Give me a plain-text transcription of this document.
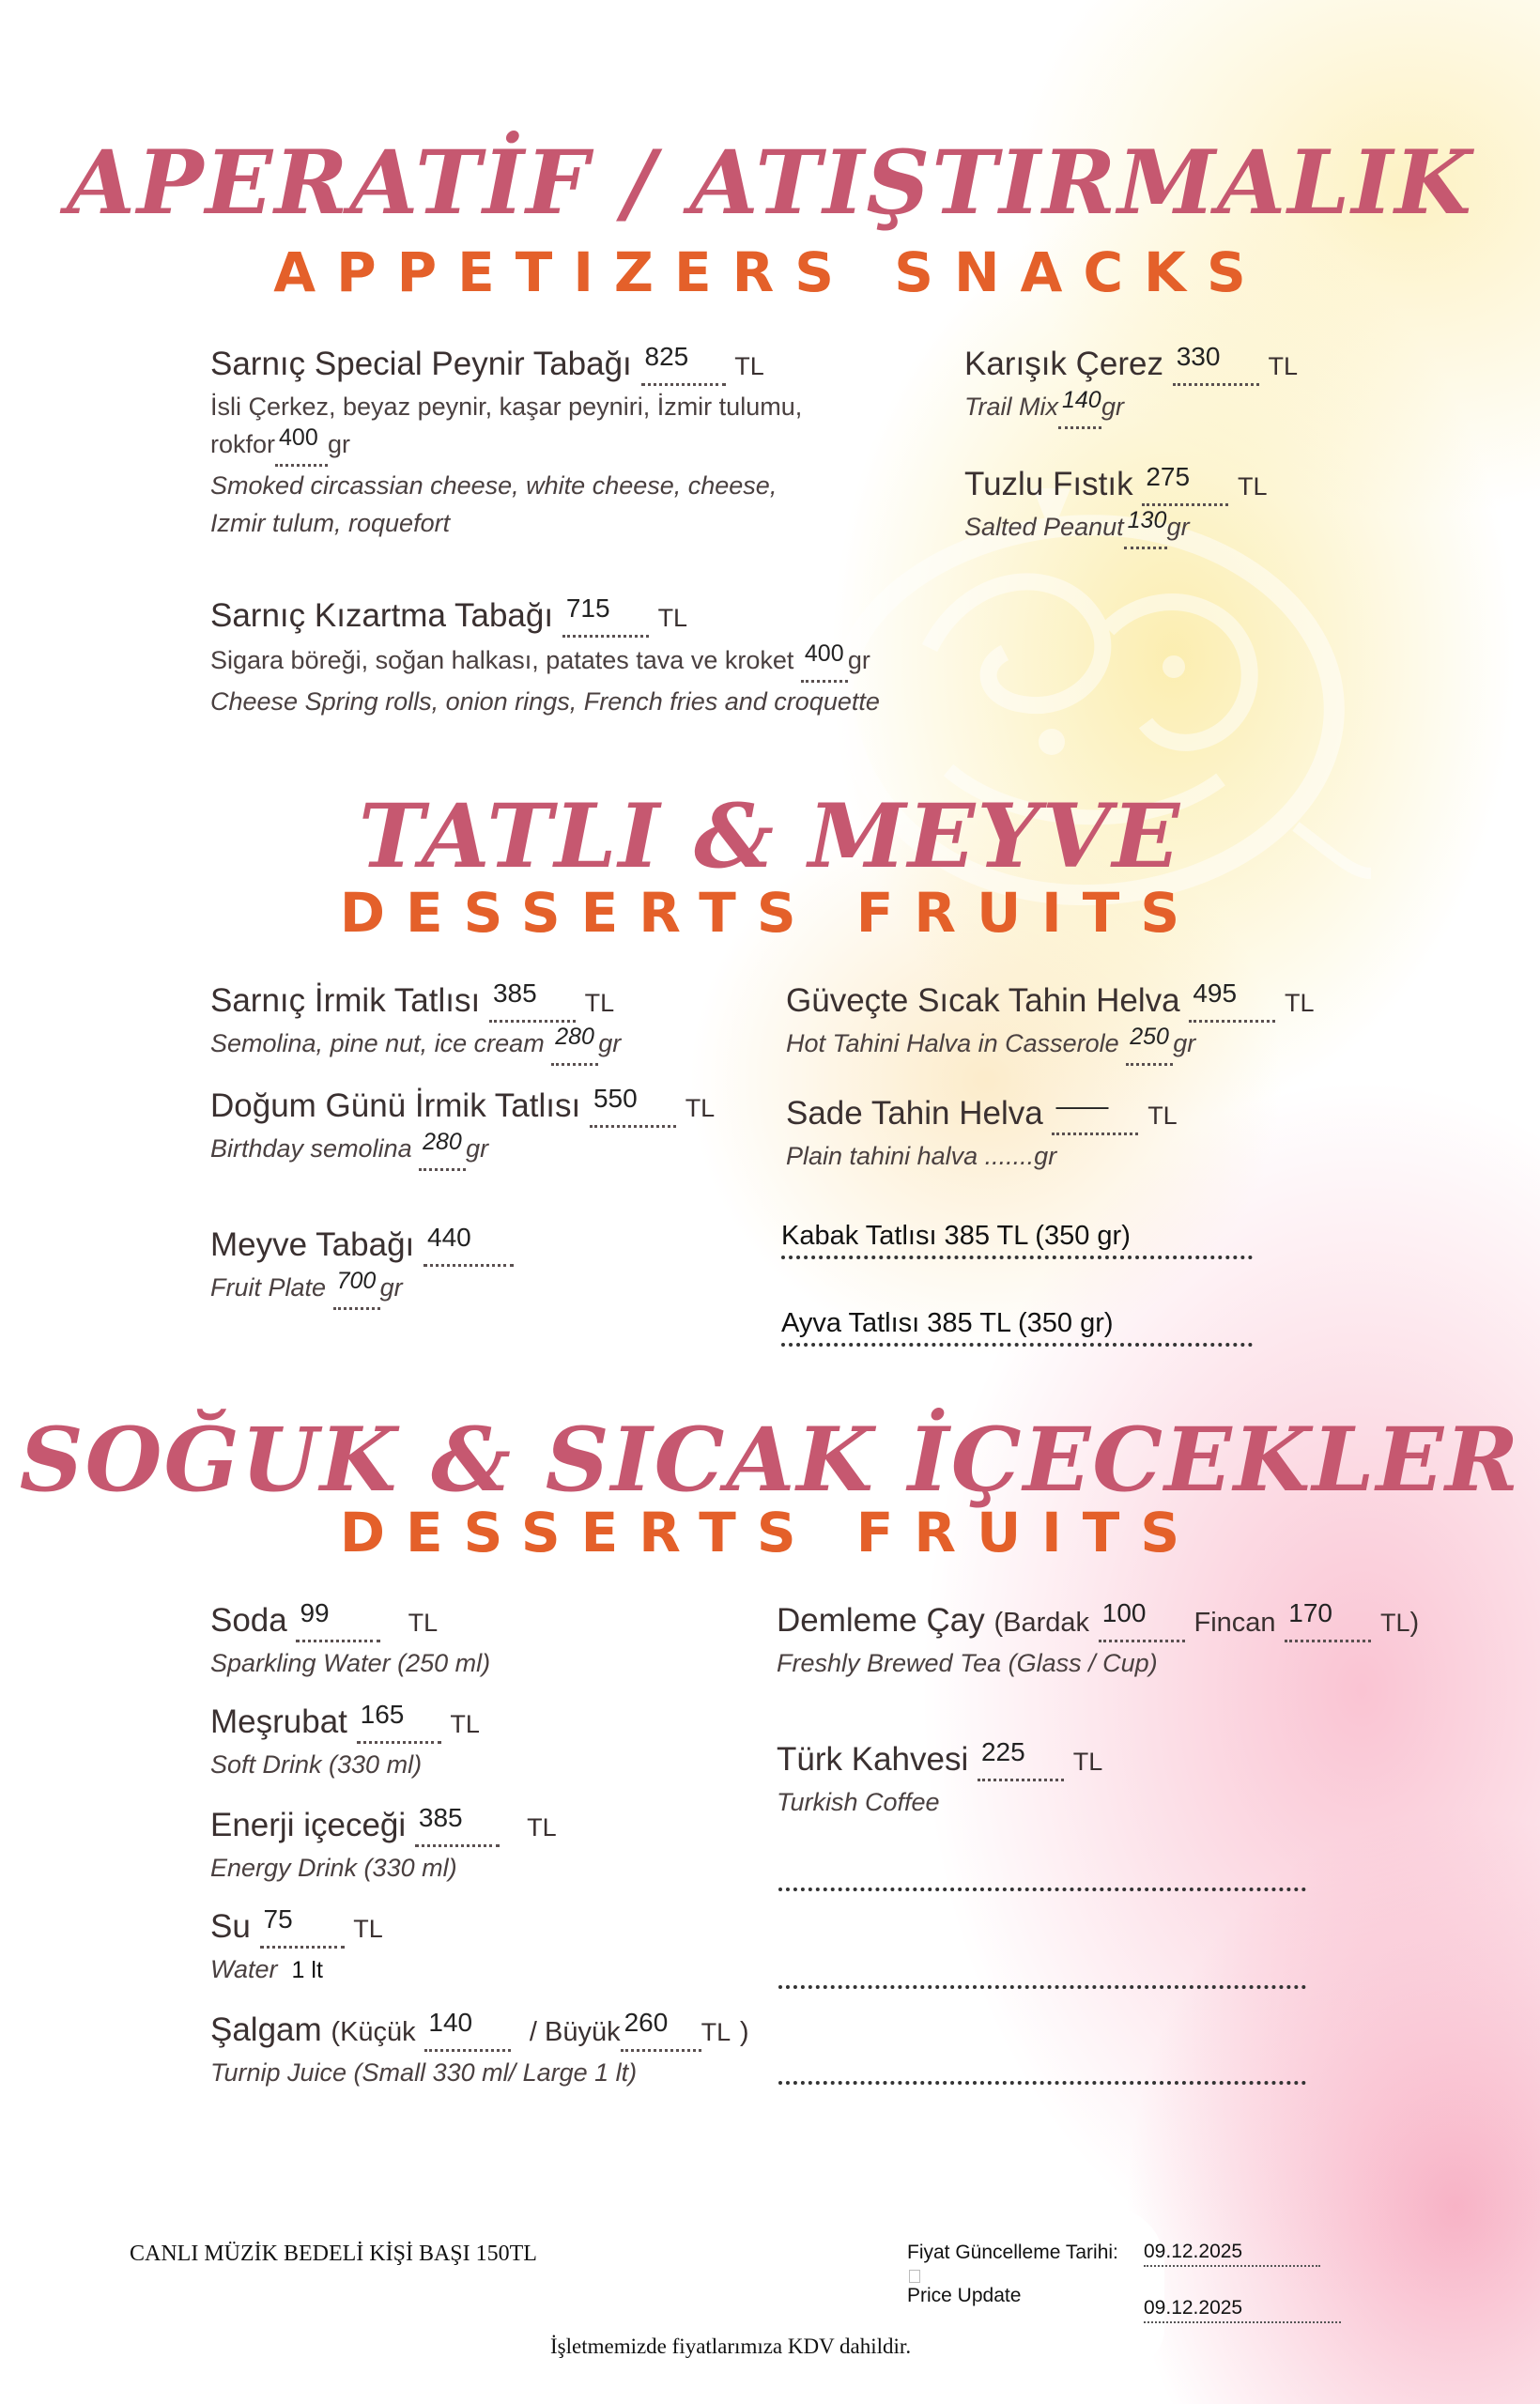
APERATİF / ATIŞTIRMALIK
APPETIZERS SNACKS
Sarnıç Special Peynir Tabağı $^{825}$ TL
İsli Çerkez, beyaz peynir, kaşar peyniri, İzmir tulumu,
rokfor 400 gr
Smoked circassian cheese, white cheese, cheese,
Izmir tulum, roquefort
Sarnıç Kızartma Tabağı $^{715}$ TL
Sigara böreği, soğan halkası, patates tava ve kroket 400 gr
Cheese Spring rolls, onion rings, French fries and croquette
Karışık Çerez $^{330}$ TL
Trail Mix 140gr
Tuzlu Fıstık $^{275}$ TL
Salted Peanut 130gr
TATLI & MEYVE
DESSERTS FRUITS
Sarnıç İrmik Tatlısı $^{385}$ TL
Semolina, pine nut, ice cream 280 gr
Doğum Günü İrmik Tatlısı $^{550}$ TL
Birthday semolina 280 gr
Meyve Tabağı $^{440}$
Fruit Plate 700 gr
Güveçte Sıcak Tahin Helva $^{495}$ TL
Hot Tahini Halva in Casserole 250 gr
Sade Tahin Helva —— TL
Plain tahini halva .......gr
Kabak Tatlısı 385 TL (350 gr)
Ayva Tatlısı 385 TL (350 gr)
SOĞUK & SICAK İÇECEKLER
DESSERTS FRUITS
Soda $^{99}$	TL
Sparkling Water (250 ml)
Meşrubat $^{165}$ TL
Soft Drink (330 ml)
Enerji içeceği $^{385}$	TL
Energy Drink (330 ml)
Su $^{75}$ TL
Water 1 lt
Şalgam (Küçük $^{140}$ / Büyük $^{260}$ TL )
Turnip Juice (Small 330 ml/ Large 1 lt)
Demleme Çay (Bardak $^{100}$ Fincan $^{170}$ TL)
Freshly Brewed Tea (Glass / Cup)
Türk Kahvesi $^{225}$ TL
Turkish Coffee
CANLI MÜZİK BEDELİ KİŞİ BAŞI 150TL	Fiyat Güncelleme Tarihi:
Price Update
09.12.2025
09.12.2025
İşletmemizde fiyatlarımıza KDV dahildir.
